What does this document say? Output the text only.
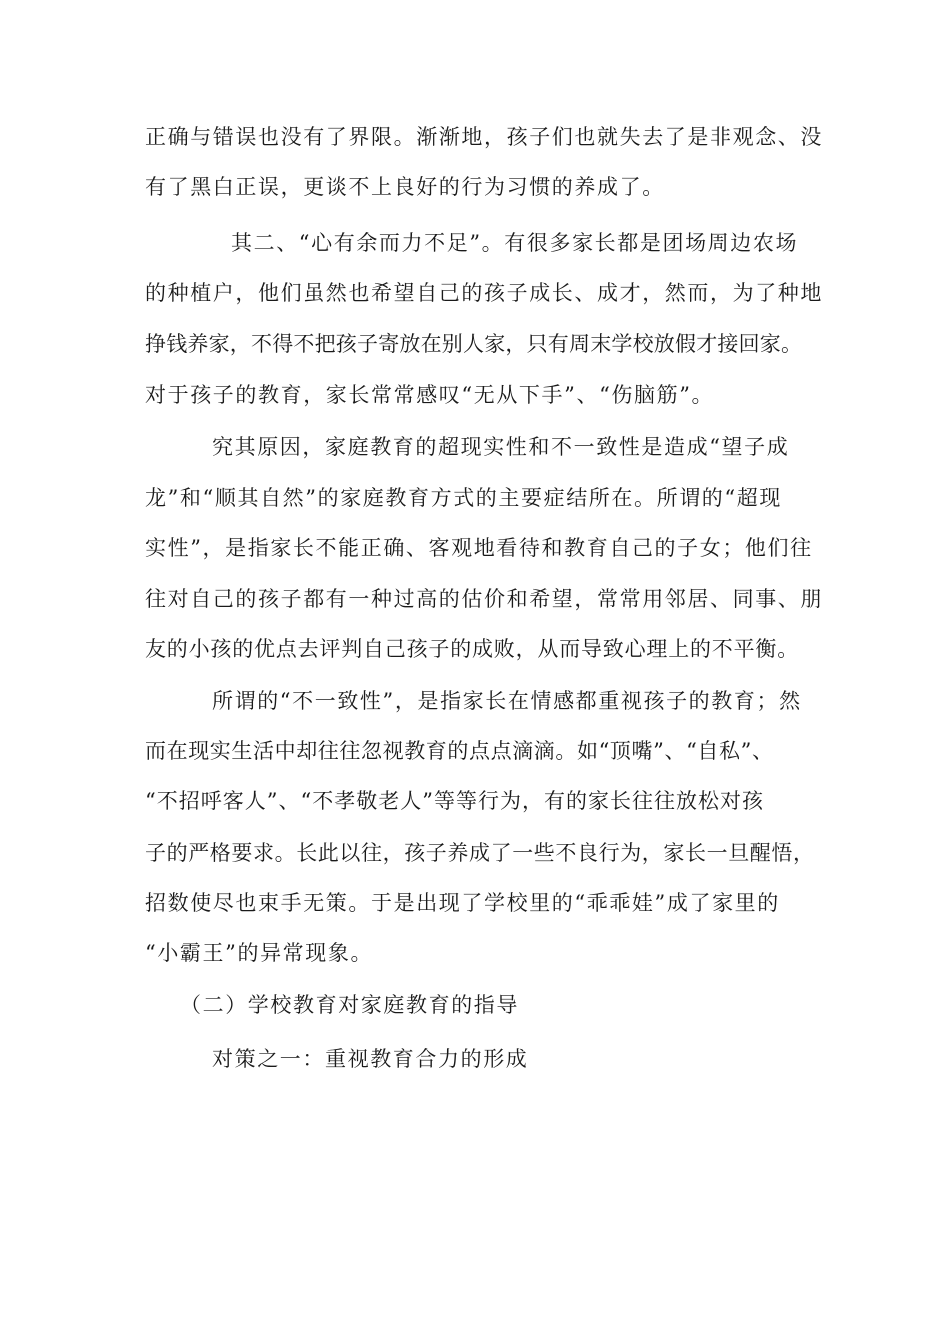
正确与错误也没有了界限。渐渐地，孩子们也就失去了是非观念、没

有了黑白正误，更谈不上良好的行为习惯的养成了。

其二、“心有余而力不足”。有很多家长都是团场周边农场

的种植户，他们虽然也希望自己的孩子成长、成才，然而，为了种地

挣钱养家，不得不把孩子寄放在别人家，只有周末学校放假才接回家。

对于孩子的教育，家长常常感叹“无从下手”、“伤脑筋”。

究其原因，家庭教育的超现实性和不一致性是造成“望子成

龙”和“顺其自然”的家庭教育方式的主要症结所在。所谓的“超现

实性”，是指家长不能正确、客观地看待和教育自己的子女；他们往

往对自己的孩子都有一种过高的估价和希望，常常用邻居、同事、朋

友的小孩的优点去评判自己孩子的成败，从而导致心理上的不平衡。

所谓的“不一致性”，是指家长在情感都重视孩子的教育；然

而在现实生活中却往往忽视教育的点点滴滴。如“顶嘴”、“自私”、

“不招呼客人”、“不孝敬老人”等等行为，有的家长往往放松对孩

子的严格要求。长此以往，孩子养成了一些不良行为，家长一旦醒悟，

招数使尽也束手无策。于是出现了学校里的“乖乖娃”成了家里的

“小霸王”的异常现象。

（二）学校教育对家庭教育的指导

对策之一：重视教育合力的形成
